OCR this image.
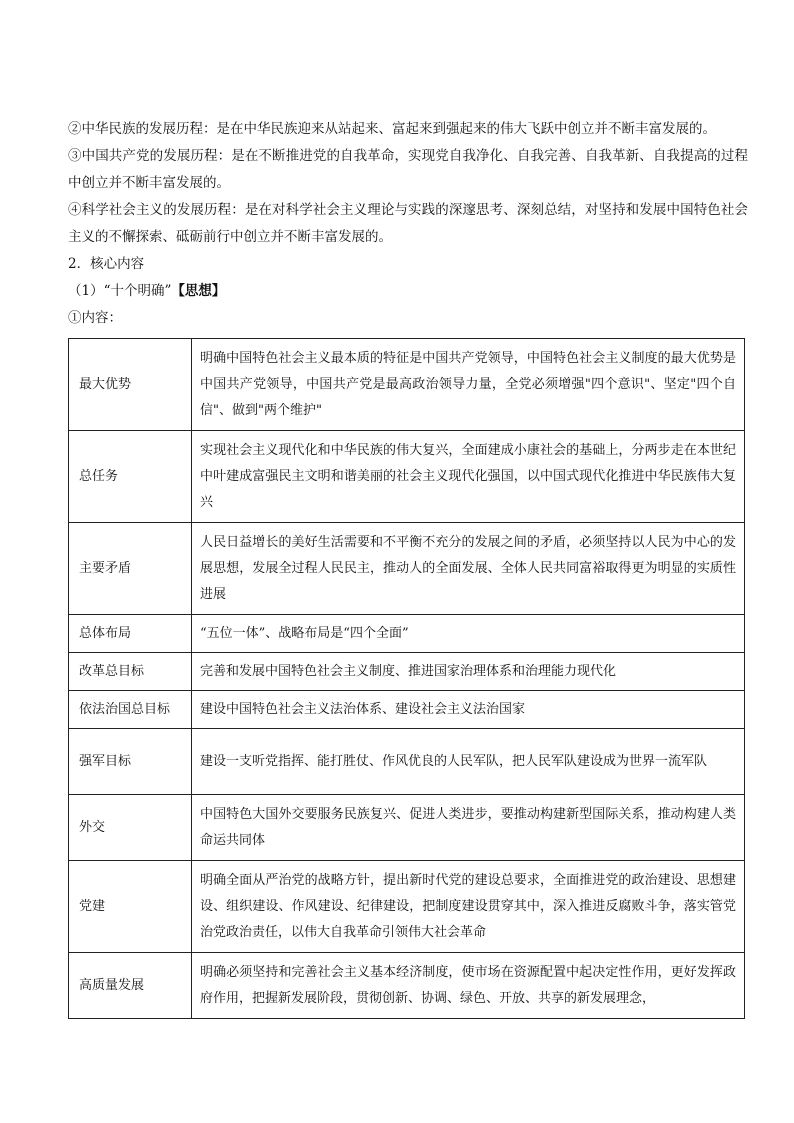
②中华民族的发展历程：是在中华民族迎来从站起来、富起来到强起来的伟大飞跃中创立并不断丰富发展的。

③中国共产党的发展历程：是在不断推进党的自我革命，实现党自我净化、自我完善、自我革新、自我提高的过程中创立并不断丰富发展的。

④科学社会主义的发展历程：是在对科学社会主义理论与实践的深邃思考、深刻总结，对坚持和发展中国特色社会主义的不懈探索、砥砺前行中创立并不断丰富发展的。

2．核心内容

（1）“十个明确”【思想】

①内容：

最大优势	明确中国特色社会主义最本质的特征是中国共产党领导，中国特色社会主义制度的最大优势是中国共产党领导，中国共产党是最高政治领导力量，全党必须增强"四个意识"、坚定"四个自信"、做到"两个维护"
总任务	实现社会主义现代化和中华民族的伟大复兴，全面建成小康社会的基础上，分两步走在本世纪中叶建成富强民主文明和谐美丽的社会主义现代化强国，以中国式现代化推进中华民族伟大复兴
主要矛盾	人民日益增长的美好生活需要和不平衡不充分的发展之间的矛盾，必须坚持以人民为中心的发展思想，发展全过程人民民主，推动人的全面发展、全体人民共同富裕取得更为明显的实质性进展
总体布局	“五位一体”、战略布局是“四个全面”
改革总目标	完善和发展中国特色社会主义制度、推进国家治理体系和治理能力现代化
依法治国总目标	建设中国特色社会主义法治体系、建设社会主义法治国家
强军目标	建设一支听党指挥、能打胜仗、作风优良的人民军队，把人民军队建设成为世界一流军队
外交	中国特色大国外交要服务民族复兴、促进人类进步，要推动构建新型国际关系，推动构建人类命运共同体
党建	明确全面从严治党的战略方针，提出新时代党的建设总要求，全面推进党的政治建设、思想建设、组织建设、作风建设、纪律建设，把制度建设贯穿其中，深入推进反腐败斗争，落实管党治党政治责任，以伟大自我革命引领伟大社会革命
高质量发展	明确必须坚持和完善社会主义基本经济制度，使市场在资源配置中起决定性作用，更好发挥政府作用，把握新发展阶段，贯彻创新、协调、绿色、开放、共享的新发展理念，
